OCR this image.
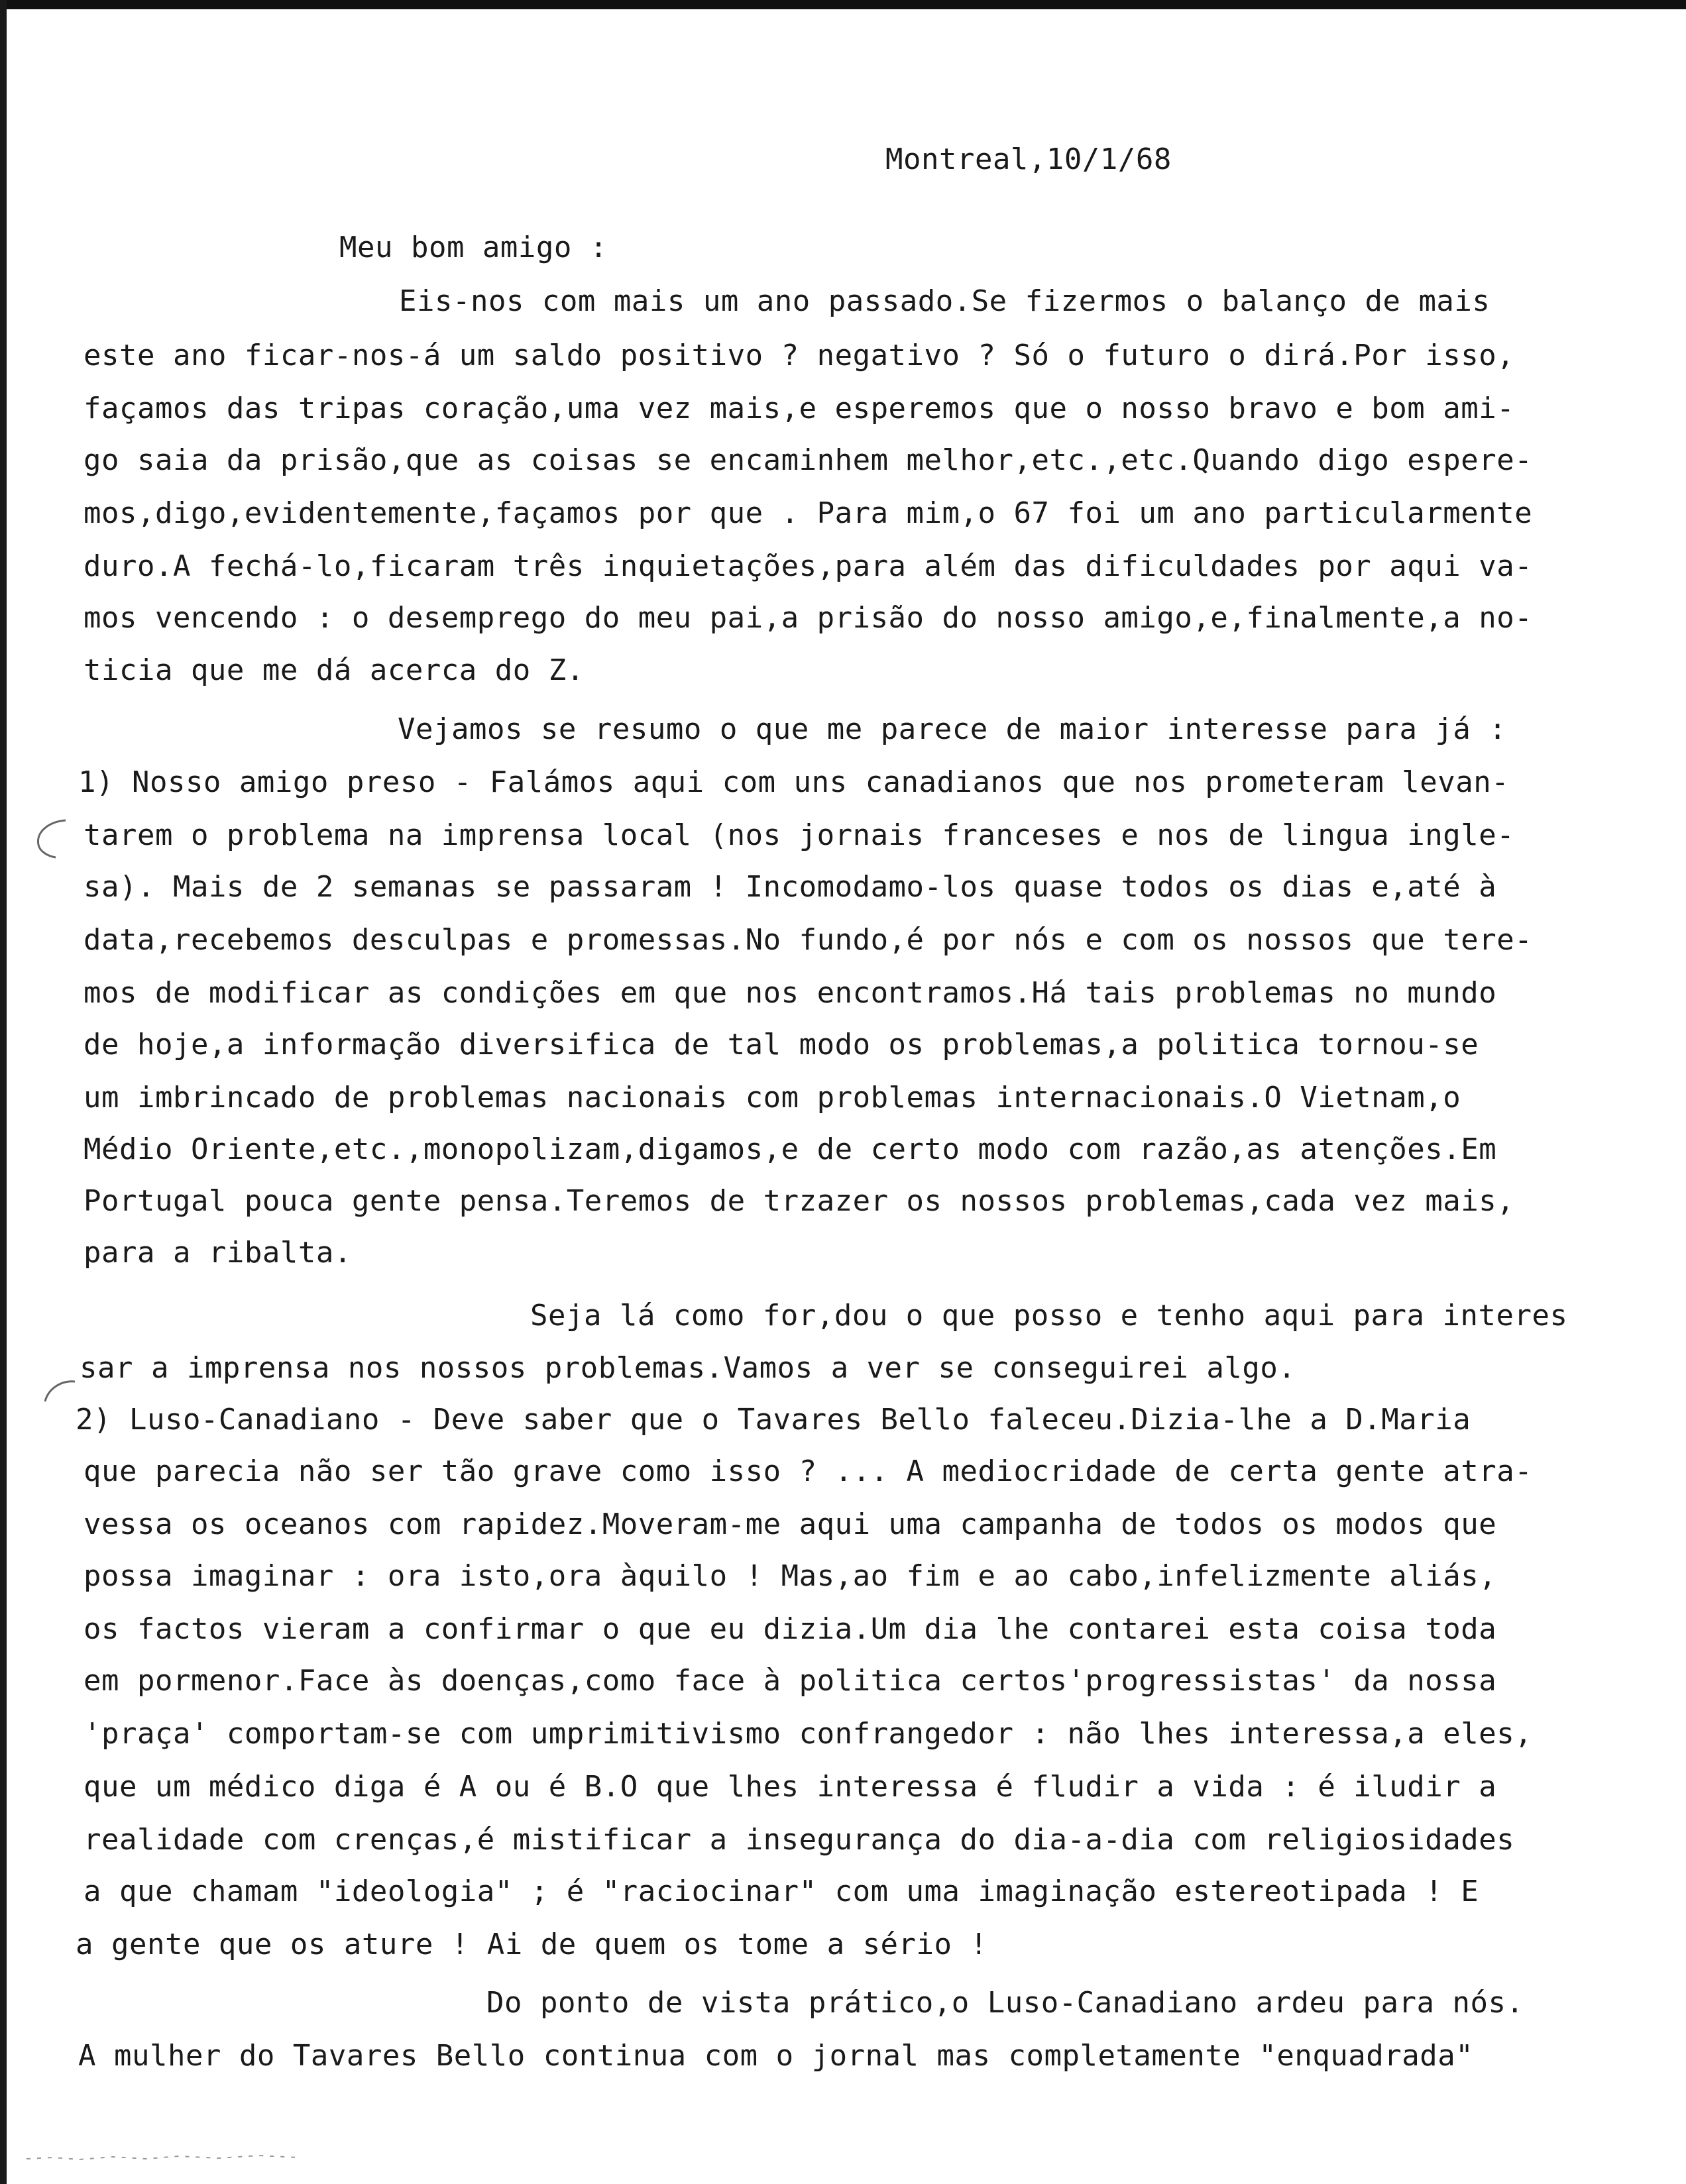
Montreal,10/1/68
Meu bom amigo :
Eis-nos com mais um ano passado.Se fizermos o balanço de mais
este ano ficar-nos-á um saldo positivo ? negativo ? Só o futuro o dirá.Por isso,
façamos das tripas coração,uma vez mais,e esperemos que o nosso bravo e bom ami-
go saia da prisão,que as coisas se encaminhem melhor,etc.,etc.Quando digo espere-
mos,digo,evidentemente,façamos por que . Para mim,o 67 foi um ano particularmente
duro.A fechá-lo,ficaram três inquietações,para além das dificuldades por aqui va-
mos vencendo : o desemprego do meu pai,a prisão do nosso amigo,e,finalmente,a no-
ticia que me dá acerca do Z.
Vejamos se resumo o que me parece de maior interesse para já :
1) Nosso amigo preso - Falámos aqui com uns canadianos que nos prometeram levan-
tarem o problema na imprensa local (nos jornais franceses e nos de lingua ingle-
sa). Mais de 2 semanas se passaram ! Incomodamo-los quase todos os dias e,até à
data,recebemos desculpas e promessas.No fundo,é por nós e com os nossos que tere-
mos de modificar as condições em que nos encontramos.Há tais problemas no mundo
de hoje,a informação diversifica de tal modo os problemas,a politica tornou-se
um imbrincado de problemas nacionais com problemas internacionais.O Vietnam,o
Médio Oriente,etc.,monopolizam,digamos,e de certo modo com razão,as atenções.Em
Portugal pouca gente pensa.Teremos de trzazer os nossos problemas,cada vez mais,
para a ribalta.
Seja lá como for,dou o que posso e tenho aqui para interes
sar a imprensa nos nossos problemas.Vamos a ver se conseguirei algo.
2) Luso-Canadiano - Deve saber que o Tavares Bello faleceu.Dizia-lhe a D.Maria
que parecia não ser tão grave como isso ? ... A mediocridade de certa gente atra-
vessa os oceanos com rapidez.Moveram-me aqui uma campanha de todos os modos que
possa imaginar : ora isto,ora àquilo ! Mas,ao fim e ao cabo,infelizmente aliás,
os factos vieram a confirmar o que eu dizia.Um dia lhe contarei esta coisa toda
em pormenor.Face às doenças,como face à politica certos'progressistas' da nossa
'praça' comportam-se com umprimitivismo confrangedor : não lhes interessa,a eles,
que um médico diga é A ou é B.O que lhes interessa é fludir a vida : é iludir a
realidade com crenças,é mistificar a insegurança do dia-a-dia com religiosidades
a que chamam "ideologia" ; é "raciocinar" com uma imaginação estereotipada ! E
a gente que os ature ! Ai de quem os tome a sério !
Do ponto de vista prático,o Luso-Canadiano ardeu para nós.
A mulher do Tavares Bello continua com o jornal mas completamente "enquadrada"
